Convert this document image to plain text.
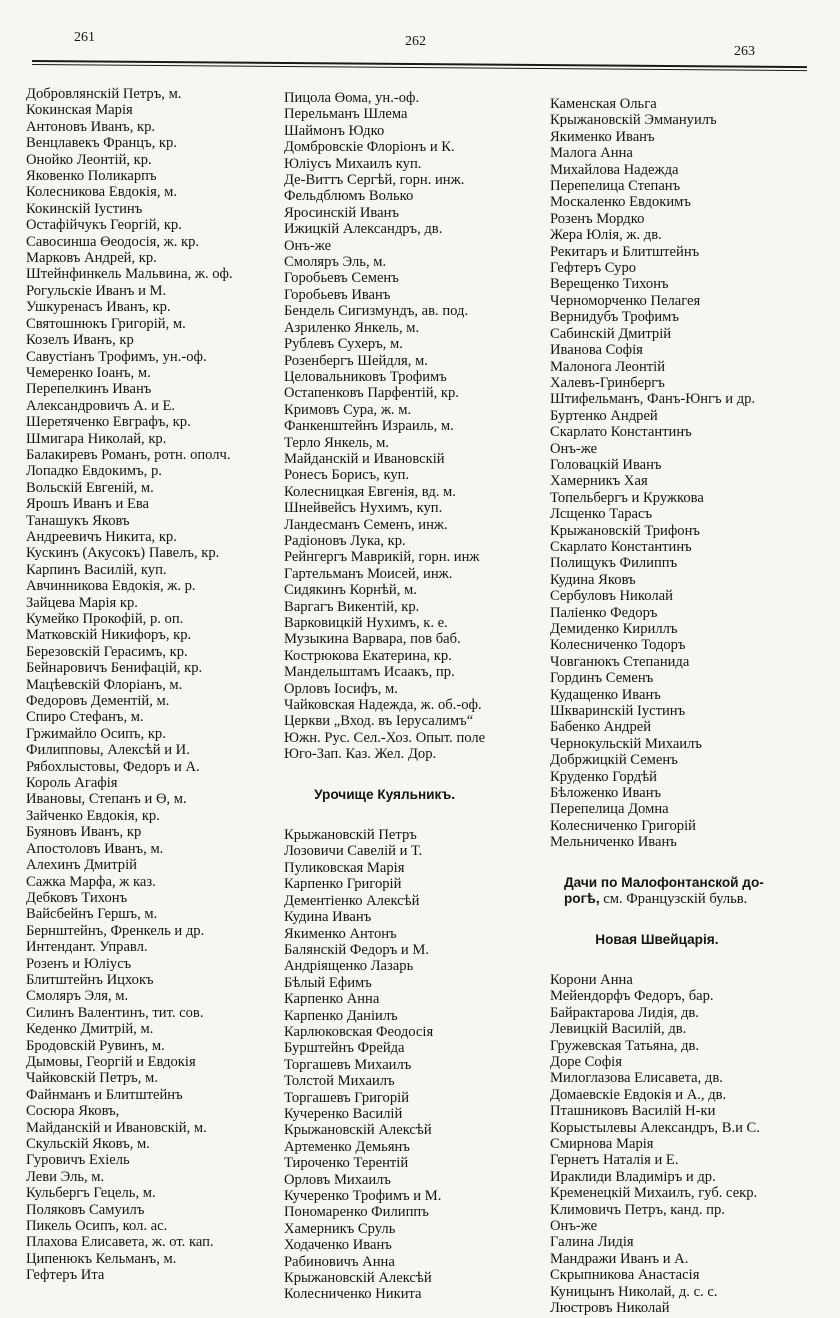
261	262
263
Добровлянскій Петръ, м.
Кокинская Марія
Антоновъ Иванъ, кр.
Венцлавекъ Францъ, кр.
Онойко Леонтій, кр.
Яковенко Поликарпъ
Колесникова Евдокія, м.
Кокинскій Іустинъ
Остафійчукъ Георгій, кр.
Савосинша Өеодосія, ж. кр.
Марковъ Андрей, кр.
Штейнфинкель Мальвина, ж. оф.
Рогульскіе Иванъ и М.
Ушкуренасъ Иванъ, кр.
Святошнюкъ Григорій, м.
Козелъ Иванъ, кр
Савустіанъ Трофимъ, ун.-оф.
Чемеренко Іоанъ, м.
Перепелкинъ Иванъ
Александровичъ А. и Е.
Шеретяченко Евграфъ, кр.
Шмигара Николай, кр.
Балакиревъ Романъ, ротн. ополч.
Лопадко Евдокимъ, р.
Вольскій Евгеній, м.
Ярошъ Иванъ и Ева
Танашукъ Яковъ
Андреевичъ Никита, кр.
Кускинъ (Акусокъ) Павелъ, кр.
Карпинъ Василій, куп.
Авчинникова Евдокія, ж. р.
Зайцева Марія кр.
Кумейко Прокофій, р. оп.
Матковскій Никифоръ, кр.
Березовскій Герасимъ, кр.
Бейнаровичъ Бенифацій, кр.
Мацѣевскій Флоріанъ, м.
Федоровъ Дементій, м.
Спиро Стефанъ, м.
Гржимайло Осипъ, кр.
Филипповы, Алексѣй и И.
Рябохлыстовы, Федоръ и А.
Король Агафія
Ивановы, Степанъ и Ө, м.
Зайченко Евдокія, кр.
Буяновъ Иванъ, кр
Апостоловъ Иванъ, м.
Алехинъ Дмитрій
Сажка Марфа, ж каз.
Дебковъ Тихонъ
Вайсбейнъ Гершъ, м.
Бернштейнъ, Френкель и др.
Интендант. Управл.
Розенъ и Юліусъ
Блитштейнъ Ицхокъ
Смоляръ Эля, м.
Силинъ Валентинъ, тит. сов.
Кеденко Дмитрій, м.
Бродовскій Рувинъ, м.
Дымовы, Георгій и Евдокія
Чайковскій Петръ, м.
Файнманъ и Блитштейнъ
Сосюра Яковъ,
Майданскій и Ивановскій, м.
Скульскій Яковъ, м.
Гуровичъ Exіель
Леви Эль, м.
Кульбергъ Гецель, м.
Поляковъ Самуилъ
Пикель Осипъ, кол. ас.
Плахова Елисавета, ж. от. кап.
Ципенюкъ Кельманъ, м.
Гефтеръ Ита
Пицола Өома, ун.-оф.
Перельманъ Шлема
Шаймонъ Юдко
Домбровскіе Флоріонъ и К.
Юліусъ Михаилъ куп.
Де-Виттъ Сергѣй, горн. инж.
Фельдблюмъ Волько
Яросинскій Иванъ
Ижицкій Александръ, дв.
Онъ-же
Смоляръ Эль, м.
Горобьевъ Семенъ
Горобьевъ Иванъ
Бендель Сигизмундъ, ав. под.
Азриленко Янкель, м.
Рублевъ Сухеръ, м.
Розенбергъ Шейдля, м.
Целовальниковъ Трофимъ
Остапенковъ Парфентій, кр.
Кримовъ Сура, ж. м.
Фанкенштейнъ Израиль, м.
Терло Янкель, м.
Майданскій и Ивановскій
Ронесъ Борисъ, куп.
Колесницкая Евгенія, вд. м.
Шнейвейсъ Нухимъ, куп.
Ландесманъ Семенъ, инж.
Радіоновъ Лука, кр.
Рейнгергъ Маврикій, горн. инж
Гартельманъ Моисей, инж.
Сидякинъ Корнѣй, м.
Варгагъ Викентій, кр.
Варковицкій Нухимъ, к. е.
Музыкина Варвара, пов баб.
Кострюкова Екатерина, кр.
Мандельштамъ Исаакъ, пр.
Орловъ Іосифъ, м.
Чайковская Надежда, ж. об.-оф.
Церкви „Вход. въ Іерусалимъ“
Южн. Рус. Сел.-Хоз. Опыт. поле
Юго-Зап. Каз. Жел. Дор.
Урочище Куяльникъ.
Крыжановскій Петръ
Лозовичи Савелій и Т.
Пуликовская Марія
Карпенко Григорій
Дементіенко Алексѣй
Кудина Иванъ
Якименко Антонъ
Балянскій Федоръ и М.
Андріященко Лазарь
Бѣлый Ефимъ
Карпенко Анна
Карпенко Даніилъ
Карлюковская Феодосія
Бурштейнъ Фрейда
Торгашевъ Михаилъ
Толстой Михаилъ
Торгашевъ Григорій
Кучеренко Василій
Крыжановскій Алексѣй
Артеменко Демьянъ
Тироченко Терентій
Орловъ Михаилъ
Кучеренко Трофимъ и М.
Пономаренко Филиппъ
Хамерникъ Сруль
Ходаченко Иванъ
Рабиновичъ Анна
Крыжановскій Алексѣй
Колесниченко Никита
Каменская Ольга
Крыжановскій Эммануилъ
Якименко Иванъ
Малога Анна
Михайлова Надежда
Перепелица Степанъ
Москаленко Евдокимъ
Розенъ Мордко
Жера Юлія, ж. дв.
Рекитаръ и Блитштейнъ
Гефтеръ Суро
Верещенко Тихонъ
Черноморченко Пелагея
Вернидубъ Трофимъ
Сабинскій Дмитрій
Иванова Софія
Малонога Леонтій
Халевъ-Гринбергъ
Штифельманъ, Фанъ-Юнгъ и др.
Буртенко Андрей
Скарлато Константинъ
Онъ-же
Головацкій Иванъ
Хамерникъ Хая
Топельбергъ и Кружкова
Лсщенко Тарасъ
Крыжановскій Трифонъ
Скарлато Константинъ
Полищукъ Филиппъ
Кудина Яковъ
Сербуловъ Николай
Паліенко Федоръ
Демиденко Кириллъ
Колесниченко Тодоръ
Човганюкъ Степанида
Гординъ Семенъ
Кудащенко Иванъ
Шкваринскій Іустинъ
Бабенко Андрей
Чернокульскій Михаилъ
Добржицкій Семенъ
Круденко Гордѣй
Бѣложенко Иванъ
Перепелица Домна
Колесниченко Григорій
Мельниченко Иванъ
Дачи по Малофонтанской до-
рогѣ, см. Французскій бульв.
Новая Швейцарія.
Корони Анна
Мейендорфъ Федоръ, бар.
Байрактарова Лидія, дв.
Левицкій Василій, дв.
Гружевская Татьяна, дв.
Доре Софія
Милоглазова Елисавета, дв.
Домаевскіе Евдокія и А., дв.
Пташниковъ Василій Н-ки
Корыстылевы Александръ, В.и С.
Смирнова Марія
Гернетъ Наталія и Е.
Ираклиди Владиміръ и др.
Кременецкій Михаилъ, губ. секр.
Климовичъ Петръ, канд. пр.
Онъ-же
Галина Лидія
Мандражи Иванъ и А.
Скрыпникова Анастасія
Куницынъ Николай, д. с. с.
Люстровъ Николай
